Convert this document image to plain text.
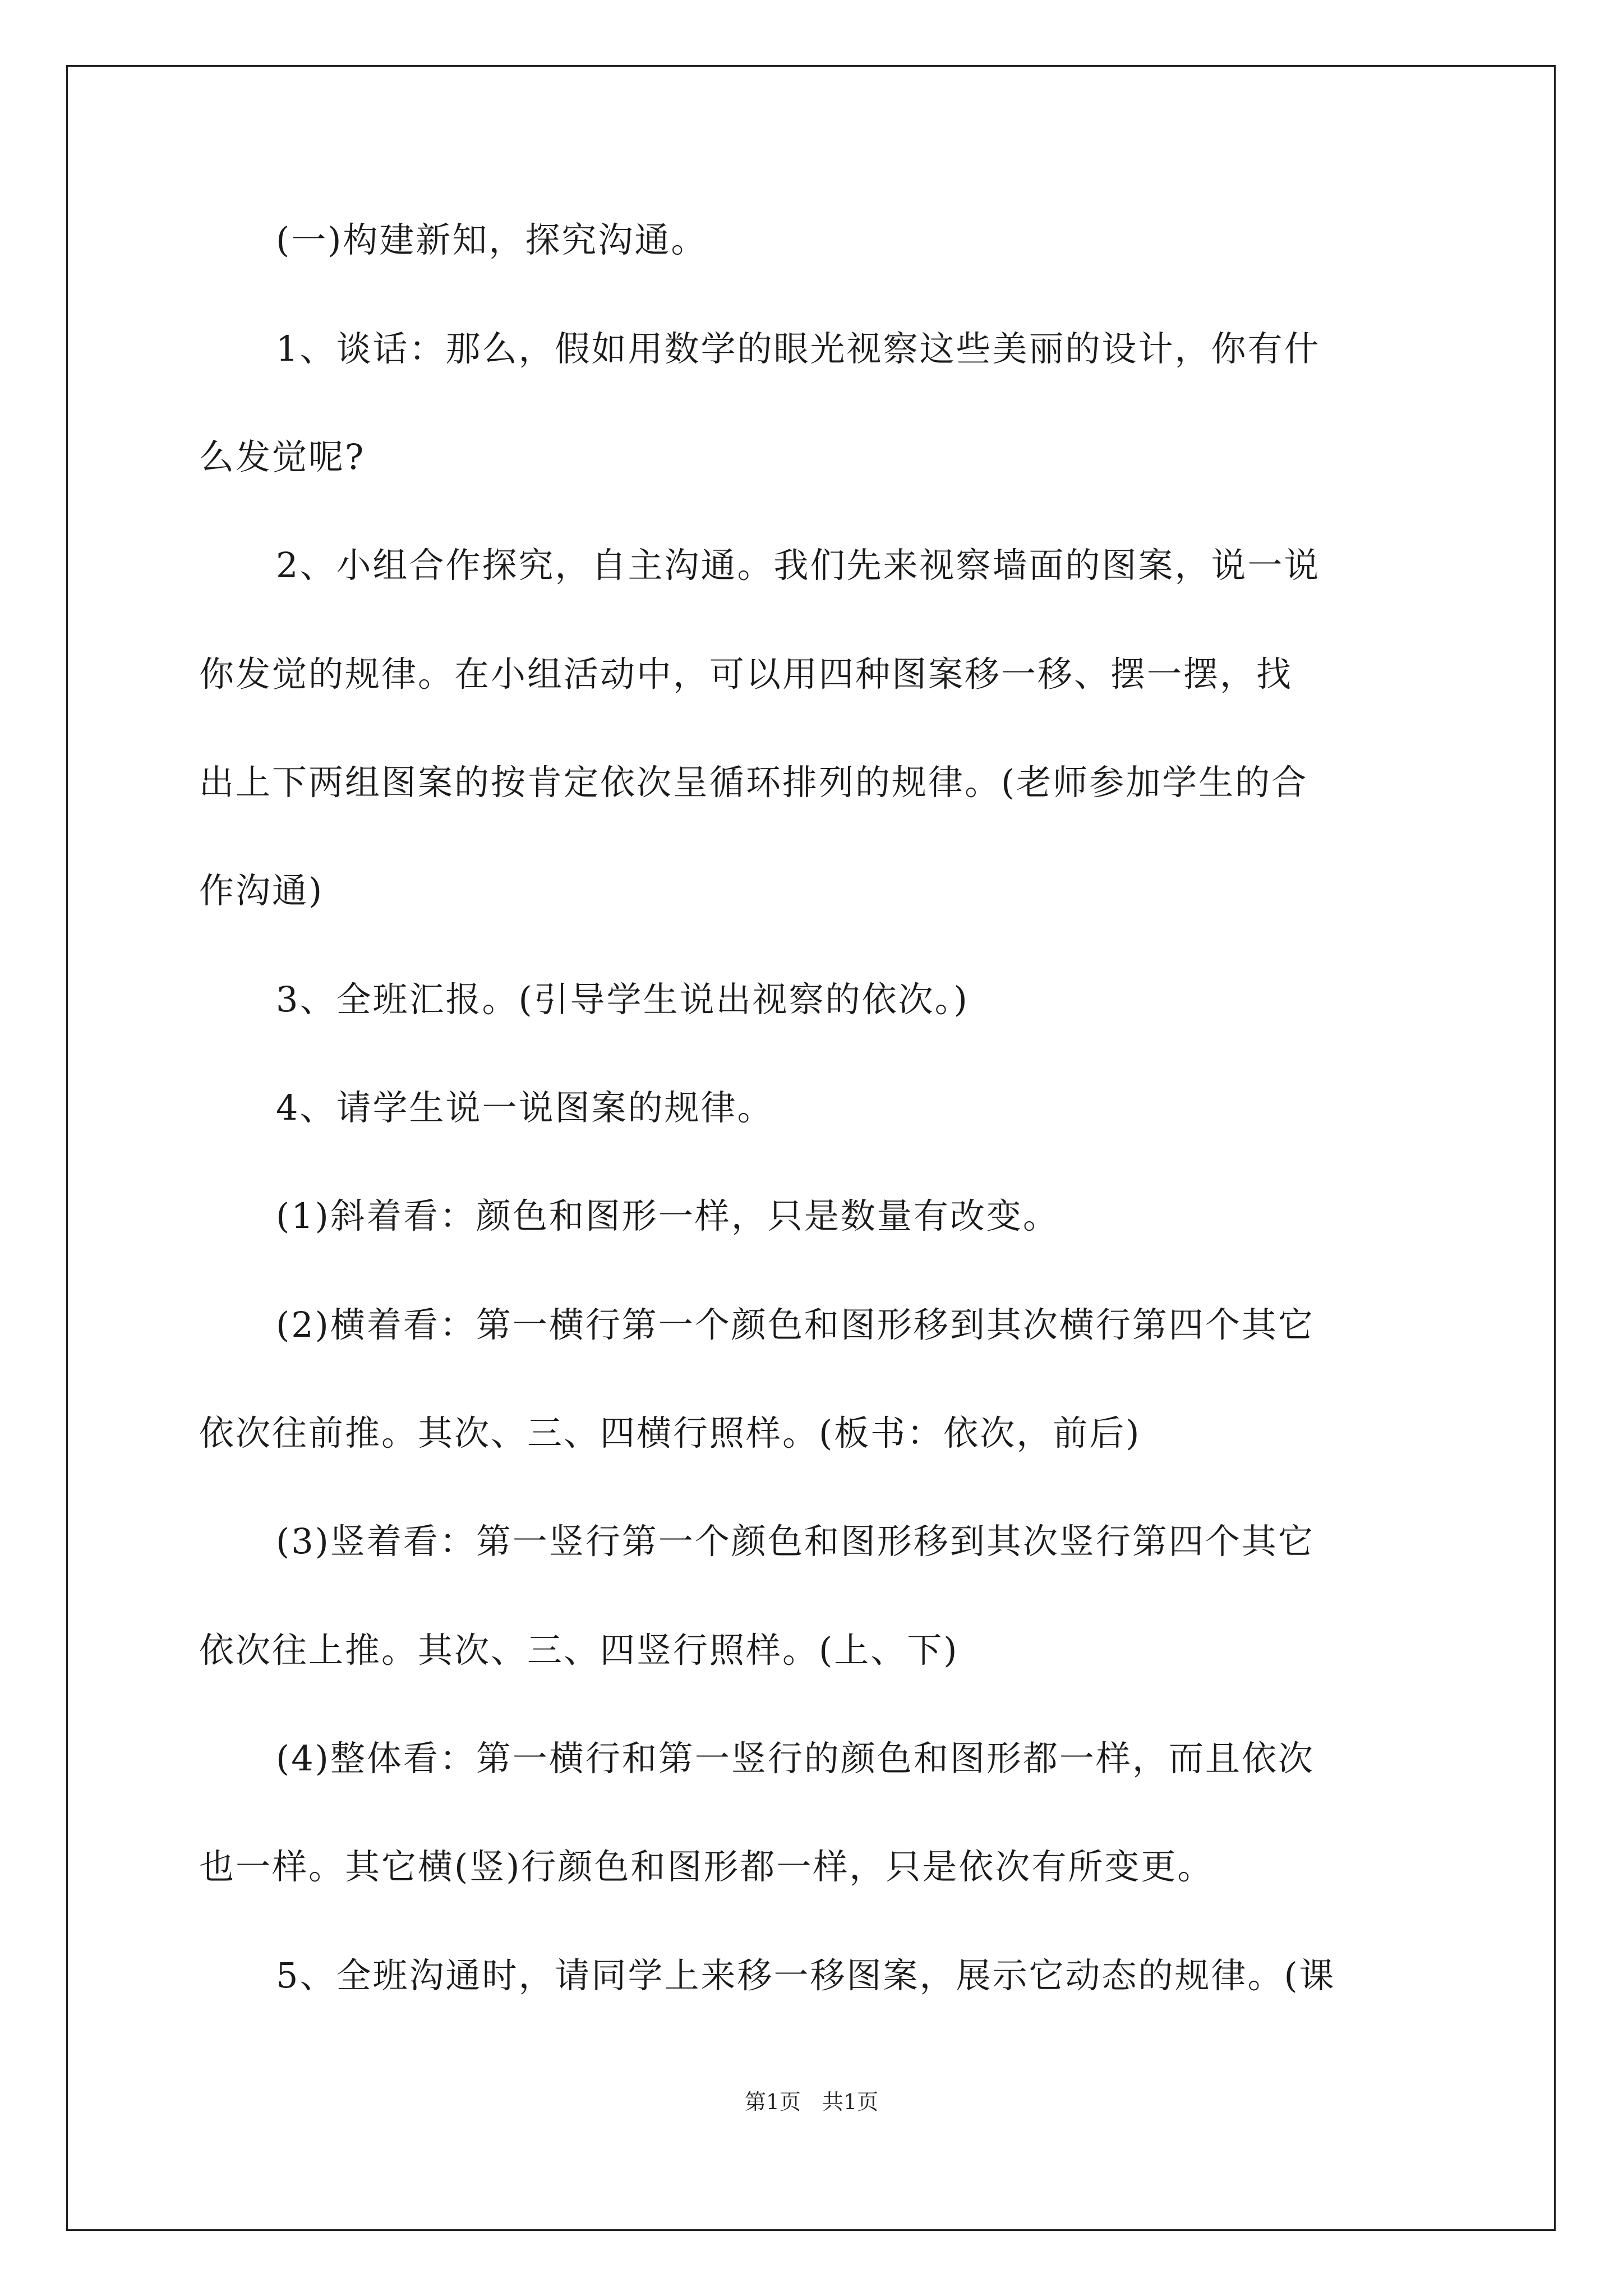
(一)构建新知，探究沟通。
1、谈话：那么，假如用数学的眼光视察这些美丽的设计，你有什
么发觉呢?
2、小组合作探究，自主沟通。我们先来视察墙面的图案，说一说
你发觉的规律。在小组活动中，可以用四种图案移一移、摆一摆，找
出上下两组图案的按肯定依次呈循环排列的规律。(老师参加学生的合
作沟通)
3、全班汇报。(引导学生说出视察的依次。)
4、请学生说一说图案的规律。
(1)斜着看：颜色和图形一样，只是数量有改变。
(2)横着看：第一横行第一个颜色和图形移到其次横行第四个其它
依次往前推。其次、三、四横行照样。(板书：依次，前后)
(3)竖着看：第一竖行第一个颜色和图形移到其次竖行第四个其它
依次往上推。其次、三、四竖行照样。(上、下)
(4)整体看：第一横行和第一竖行的颜色和图形都一样，而且依次
也一样。其它横(竖)行颜色和图形都一样，只是依次有所变更。
5、全班沟通时，请同学上来移一移图案，展示它动态的规律。(课
第1页　共1页
